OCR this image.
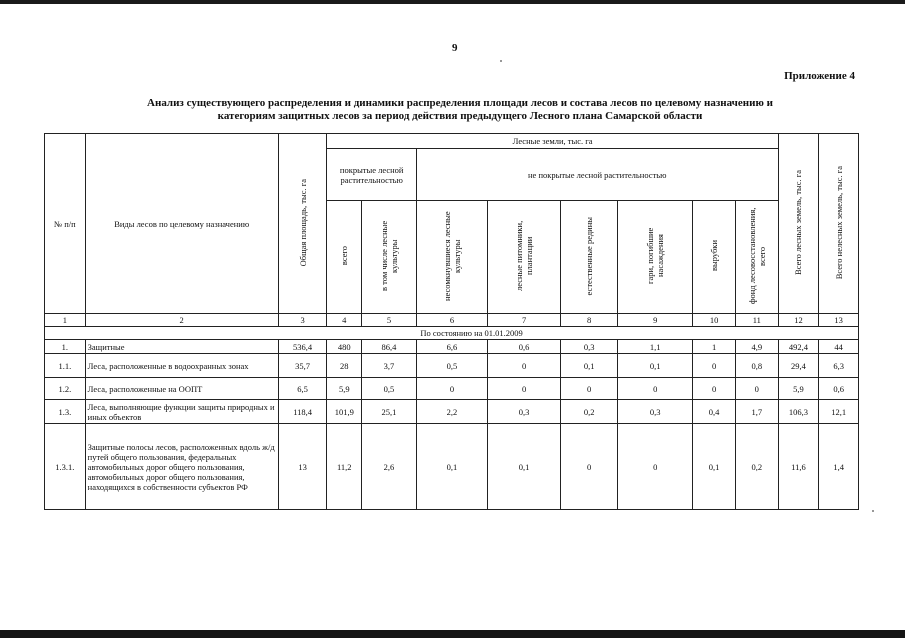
9
Приложение 4
Анализ существующего распределения и динамики распределения площади лесов и состава лесов по целевому назначению и
категориям защитных лесов за период действия предыдущего Лесного плана Самарской области
№ п/п	Виды лесов по целевому назначению	Общая площадь, тыс. га	Лесные земли, тыс. га								Всего лесных земель, тыс. га	Всего нелесных земель, тыс. га
			покрытые лесной растительностью		не покрытые лесной растительностью							
			всего	в том числе лесные культуры	несомкнувшиеся лесные культуры	лесные питомники, плантации	естественные редины	гари, погибшие насаждения	вырубки	фонд лесовосстановления, всего		
1	2	3	4	5	6	7	8	9	10	11	12	13
	По состоянию на 01.01.2009											
1.	Защитные	536,4	480	86,4	6,6	0,6	0,3	1,1	1	4,9	492,4	44
1.1.	Леса, расположенные в водоохранных зонах	35,7	28	3,7	0,5	0	0,1	0,1	0	0,8	29,4	6,3
1.2.	Леса, расположенные на ООПТ	6,5	5,9	0,5	0	0	0	0	0	0	5,9	0,6
1.3.	Леса, выполняющие функции защиты природных и иных объектов	118,4	101,9	25,1	2,2	0,3	0,2	0,3	0,4	1,7	106,3	12,1
1.3.1.	Защитные полосы лесов, расположенных вдоль ж/д путей общего пользования, федеральных автомобильных дорог общего пользования, автомобильных дорог общего пользования, находящихся в собственности субъектов РФ	13	11,2	2,6	0,1	0,1	0	0	0,1	0,2	11,6	1,4
